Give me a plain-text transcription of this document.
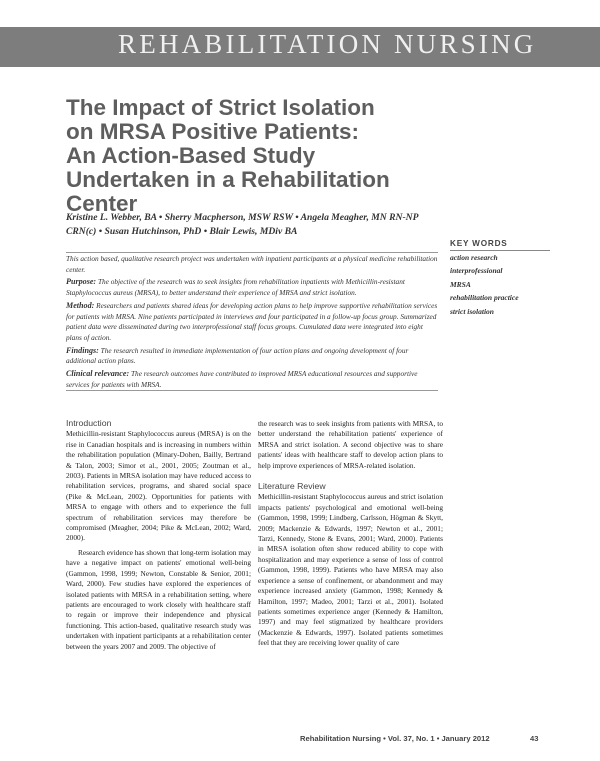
REHABILITATION NURSING
The Impact of Strict Isolation
on MRSA Positive Patients:
An Action-Based Study
Undertaken in a Rehabilitation
Center
Kristine L. Webber, BA • Sherry Macpherson, MSW RSW • Angela Meagher, MN RN-NP
CRN(c) • Susan Hutchinson, PhD • Blair Lewis, MDiv BA

This action based, qualitative research project was undertaken with inpatient participants at a physical medicine rehabilitation center.

Purpose: The objective of the research was to seek insights from rehabilitation inpatients with Methicillin-resistant Staphylococcus aureus (MRSA), to better understand their experience of MRSA and strict isolation.

Method: Researchers and patients shared ideas for developing action plans to help improve supportive rehabilitation services for patients with MRSA. Nine patients participated in interviews and four participated in a follow-up focus group. Summarized patient data were disseminated during two interprofessional staff focus groups. Cumulated data were integrated into eight plans of action.

Findings: The research resulted in immediate implementation of four action plans and ongoing development of four additional action plans.

Clinical relevance: The research outcomes have contributed to improved MRSA educational resources and supportive services for patients with MRSA.

KEY WORDS
action research
interprofessional
MRSA
rehabilitation practice
strict isolation
Introduction

Methicillin-resistant Staphylococcus aureus (MRSA) is on the rise in Canadian hospitals and is increasing in numbers within the rehabilitation population (Minary-Dohen, Bailly, Bertrand & Talon, 2003; Simor et al., 2001, 2005; Zoutman et al., 2003). Patients in MRSA isolation may have reduced access to rehabilitation services, programs, and shared social space (Pike & McLean, 2002). Opportunities for patients with MRSA to engage with others and to experience the full spectrum of rehabilitation services may therefore be compromised (Meagher, 2004; Pike & McLean, 2002; Ward, 2000).

Research evidence has shown that long-term isolation may have a negative impact on patients' emotional well-being (Gammon, 1998, 1999; Newton, Constable & Senior, 2001; Ward, 2000). Few studies have explored the experiences of isolated patients with MRSA in a rehabilitation setting, where patients are encouraged to work closely with healthcare staff to regain or improve their independence and physical functioning. This action-based, qualitative research study was undertaken with inpatient participants at a rehabilitation center between the years 2007 and 2009. The objective of

the research was to seek insights from patients with MRSA, to better understand the rehabilitation patients' experience of MRSA and strict isolation. A second objective was to share patients' ideas with healthcare staff to develop action plans to help improve experiences of MRSA-related isolation.

Literature Review

Methicillin-resistant Staphylococcus aureus and strict isolation impacts patients' psychological and emotional well-being (Gammon, 1998, 1999; Lindberg, Carlsson, Högman & Skytt, 2009; Mackenzie & Edwards, 1997; Newton et al., 2001; Tarzi, Kennedy, Stone & Evans, 2001; Ward, 2000). Patients in MRSA isolation often show reduced ability to cope with hospitalization and may experience a sense of loss of control (Gammon, 1998, 1999). Patients who have MRSA may also experience a sense of confinement, or abandonment and may experience increased anxiety (Gammon, 1998; Kennedy & Hamilton, 1997; Madeo, 2001; Tarzi et al., 2001). Isolated patients sometimes experience anger (Kennedy & Hamilton, 1997) and may feel stigmatized by healthcare providers (Mackenzie & Edwards, 1997). Isolated patients sometimes feel that they are receiving lower quality of care

Rehabilitation Nursing • Vol. 37, No. 1 • January 2012	43
